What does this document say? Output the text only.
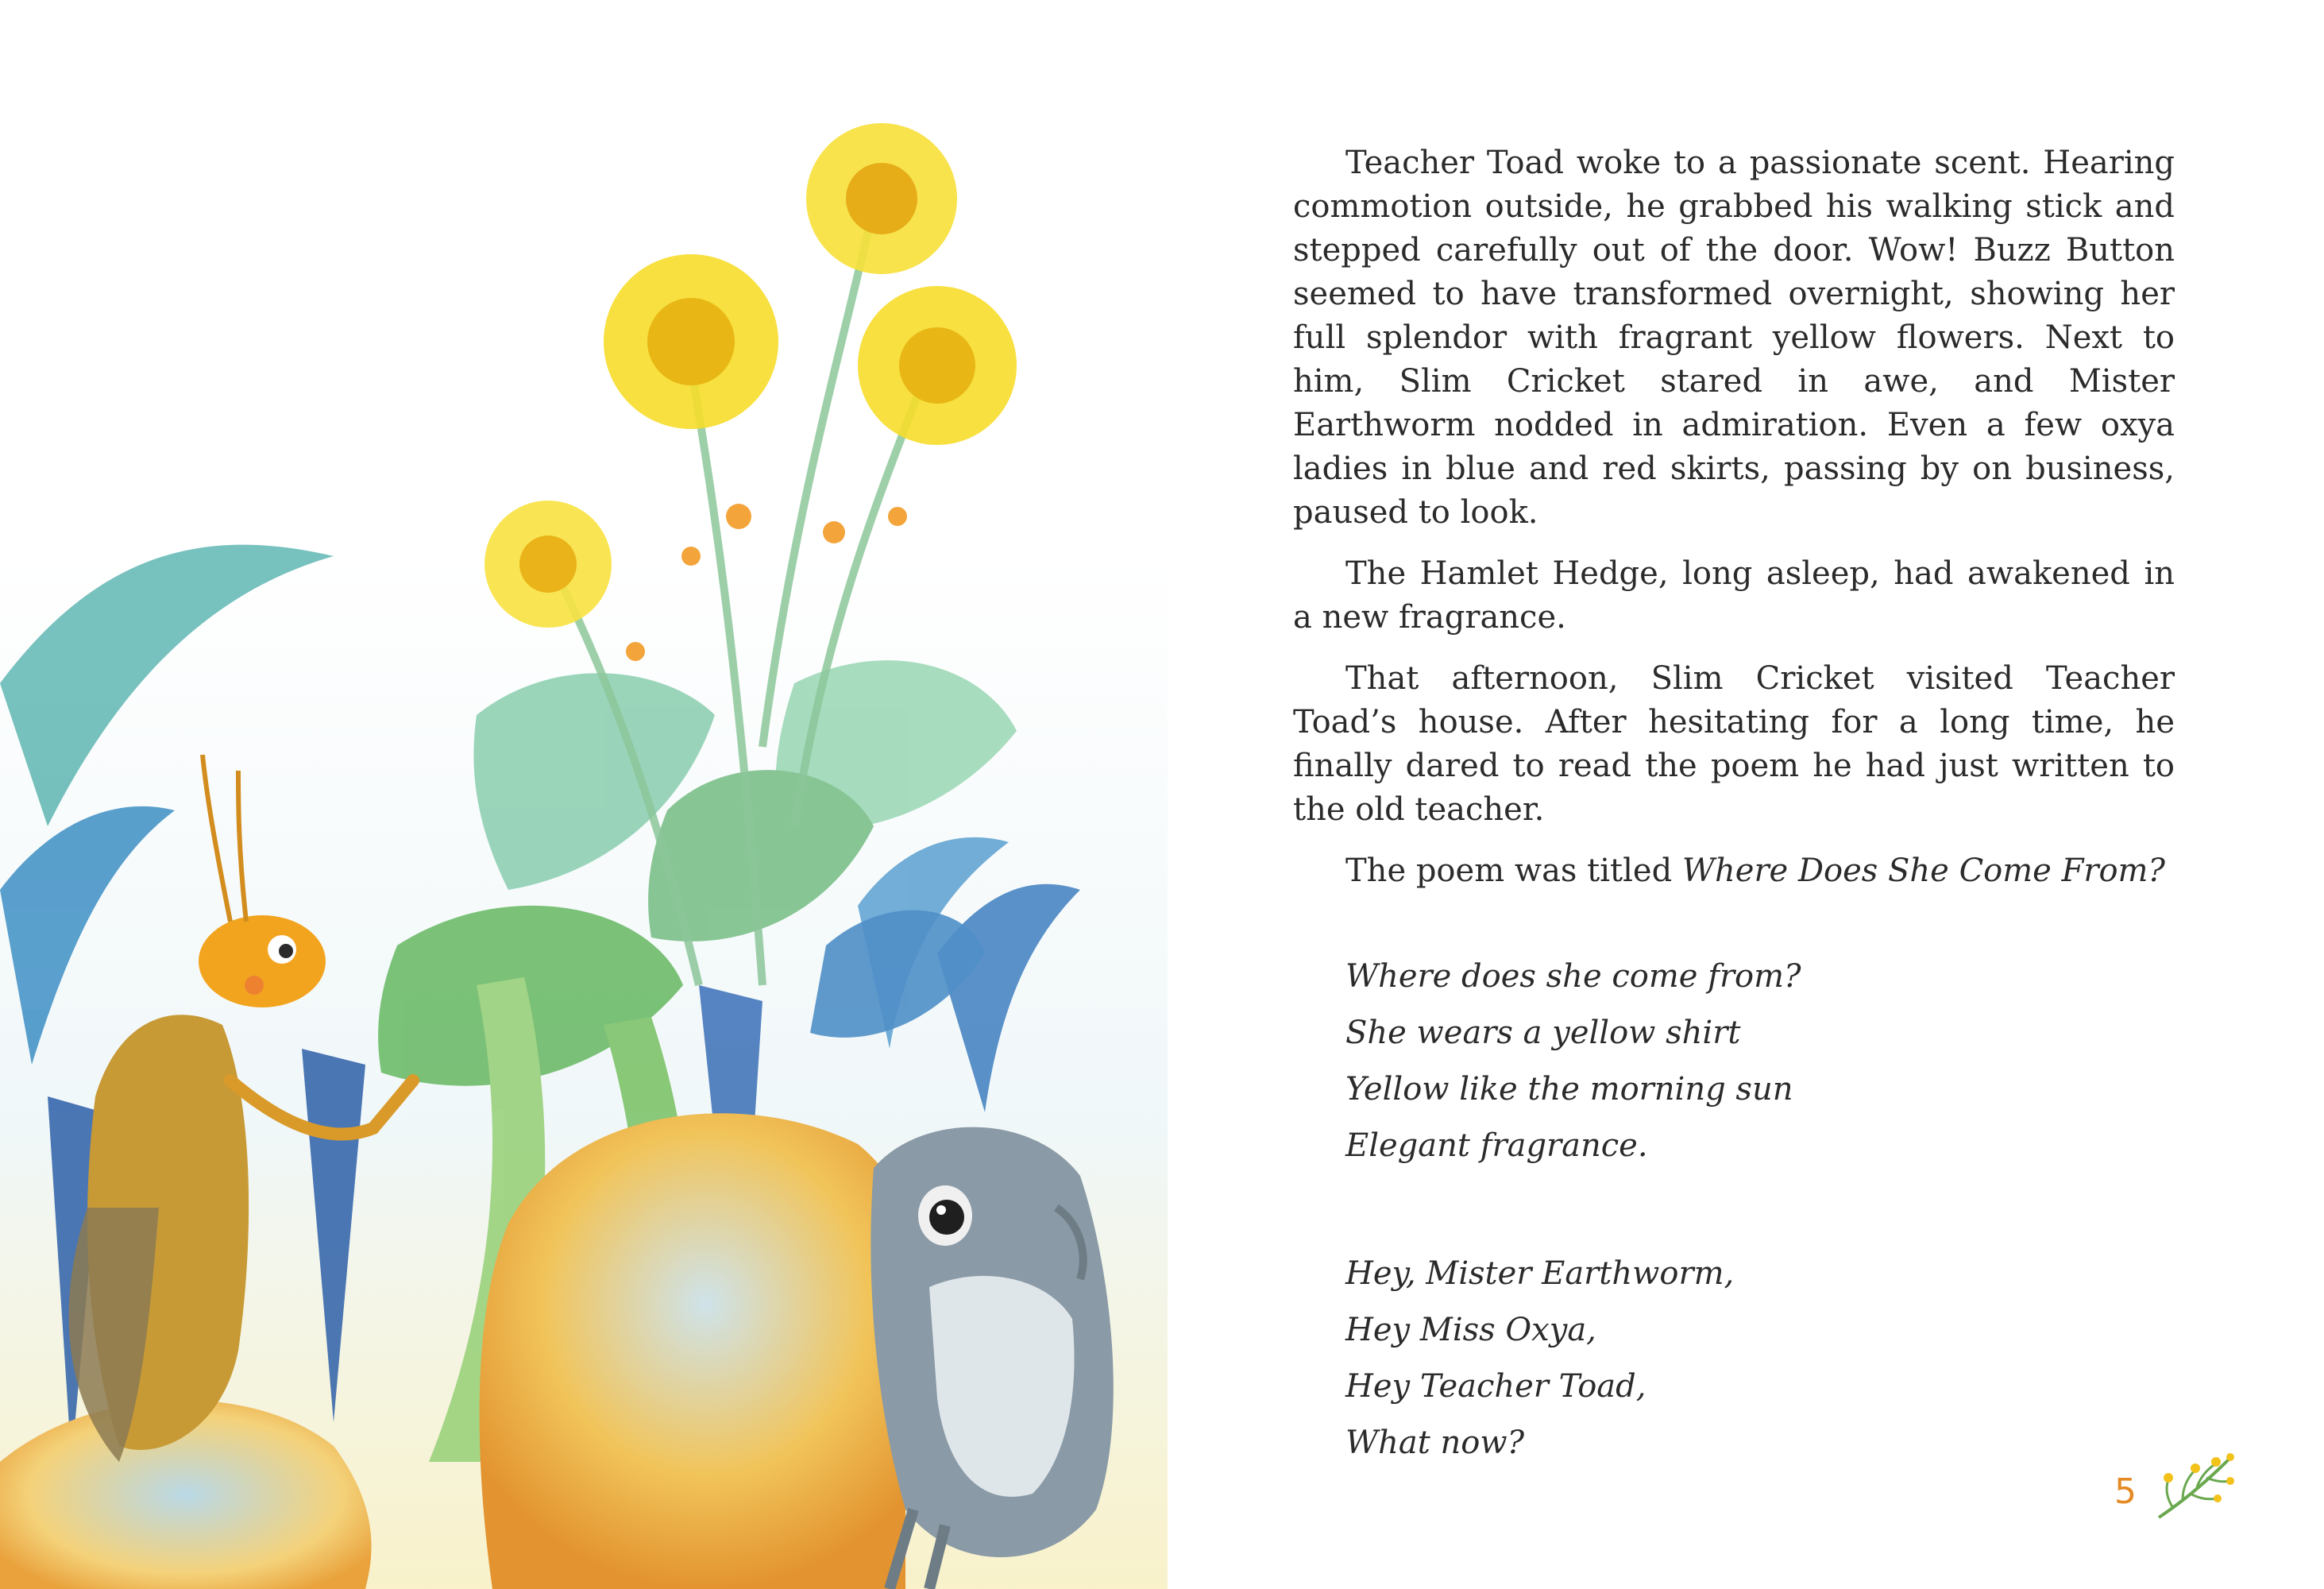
Teacher Toad woke to a passionate scent. Hearing commotion outside, he grabbed his walking stick and stepped carefully out of the door. Wow! Buzz Button seemed to have transformed overnight, showing her full splendor with fragrant yellow flowers. Next to him, Slim Cricket stared in awe, and Mister Earthworm nodded in admiration. Even a few oxya ladies in blue and red skirts, passing by on business, paused to look.

The Hamlet Hedge, long asleep, had awakened in a new fragrance.

That afternoon, Slim Cricket visited Teacher Toad’s house. After hesitating for a long time, he finally dared to read the poem he had just written to the old teacher.

The poem was titled Where Does She Come From?

Where does she come from?
She wears a yellow shirt
Yellow like the morning sun
Elegant fragrance.
Hey, Mister Earthworm,
Hey Miss Oxya,
Hey Teacher Toad,
What now?
5
